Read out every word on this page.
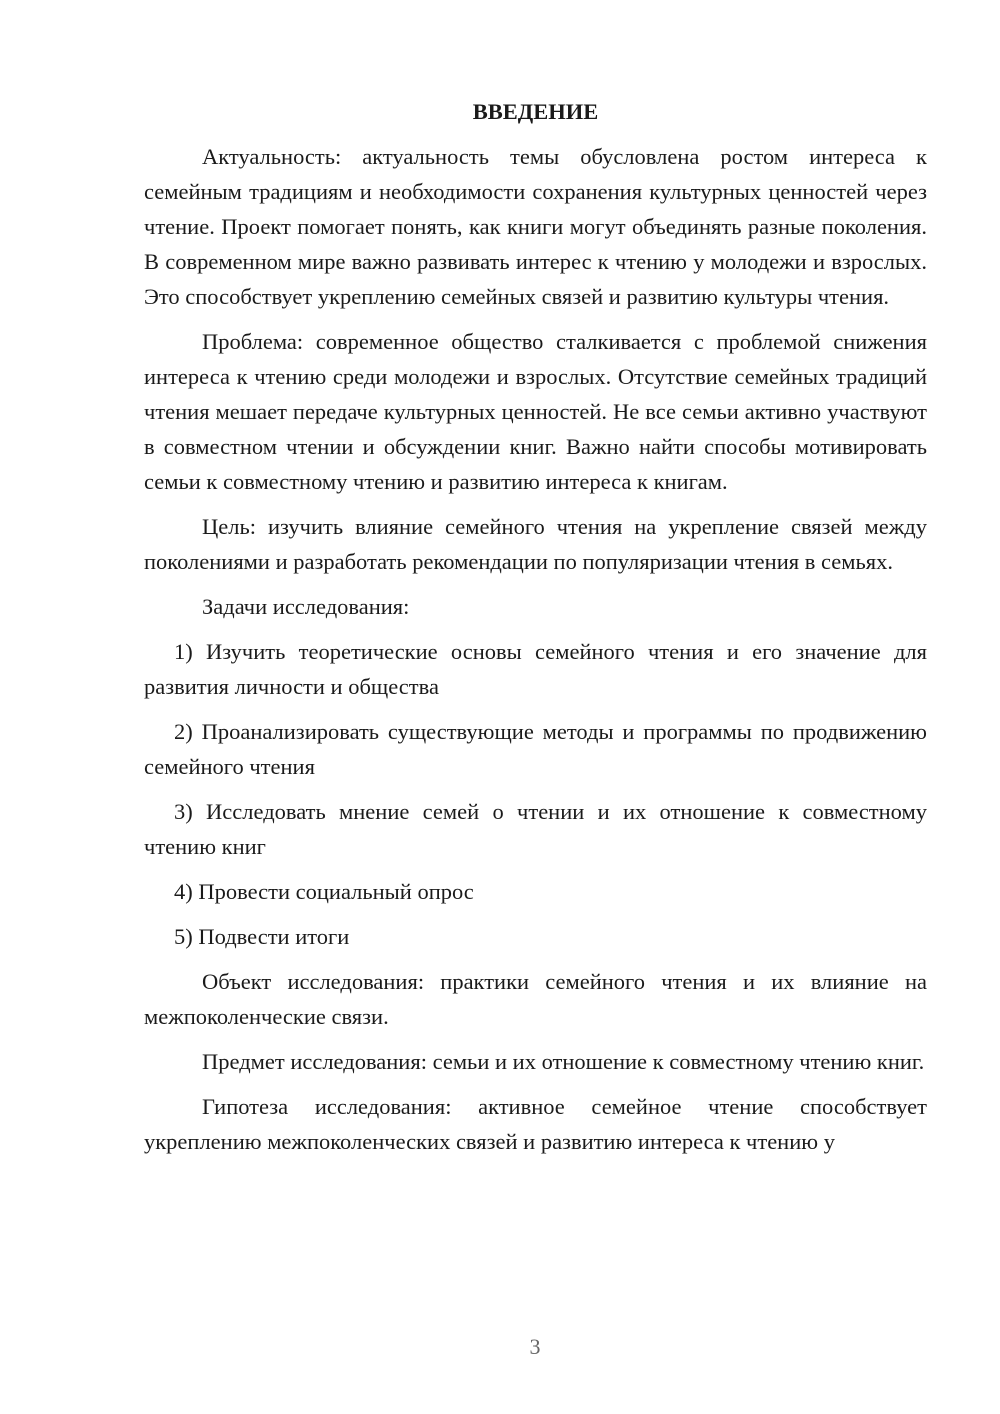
ВВЕДЕНИЕ

Актуальность: актуальность темы обусловлена ростом интереса к семейным традициям и необходимости сохранения культурных ценностей через чтение. Проект помогает понять, как книги могут объединять разные поколения. В современном мире важно развивать интерес к чтению у молодежи и взрослых. Это способствует укреплению семейных связей и развитию культуры чтения.

Проблема: современное общество сталкивается с проблемой снижения интереса к чтению среди молодежи и взрослых. Отсутствие семейных традиций чтения мешает передаче культурных ценностей. Не все семьи активно участвуют в совместном чтении и обсуждении книг. Важно найти способы мотивировать семьи к совместному чтению и развитию интереса к книгам.

Цель: изучить влияние семейного чтения на укрепление связей между поколениями и разработать рекомендации по популяризации чтения в семьях.

Задачи исследования:

1) Изучить теоретические основы семейного чтения и его значение для развития личности и общества

2) Проанализировать существующие методы и программы по продвижению семейного чтения

3) Исследовать мнение семей о чтении и их отношение к совместному чтению книг

4) Провести социальный опрос

5) Подвести итоги

Объект исследования: практики семейного чтения и их влияние на межпоколенческие связи.

Предмет исследования: семьи и их отношение к совместному чтению книг.

Гипотеза исследования: активное семейное чтение способствует укреплению межпоколенческих связей и развитию интереса к чтению у

3
